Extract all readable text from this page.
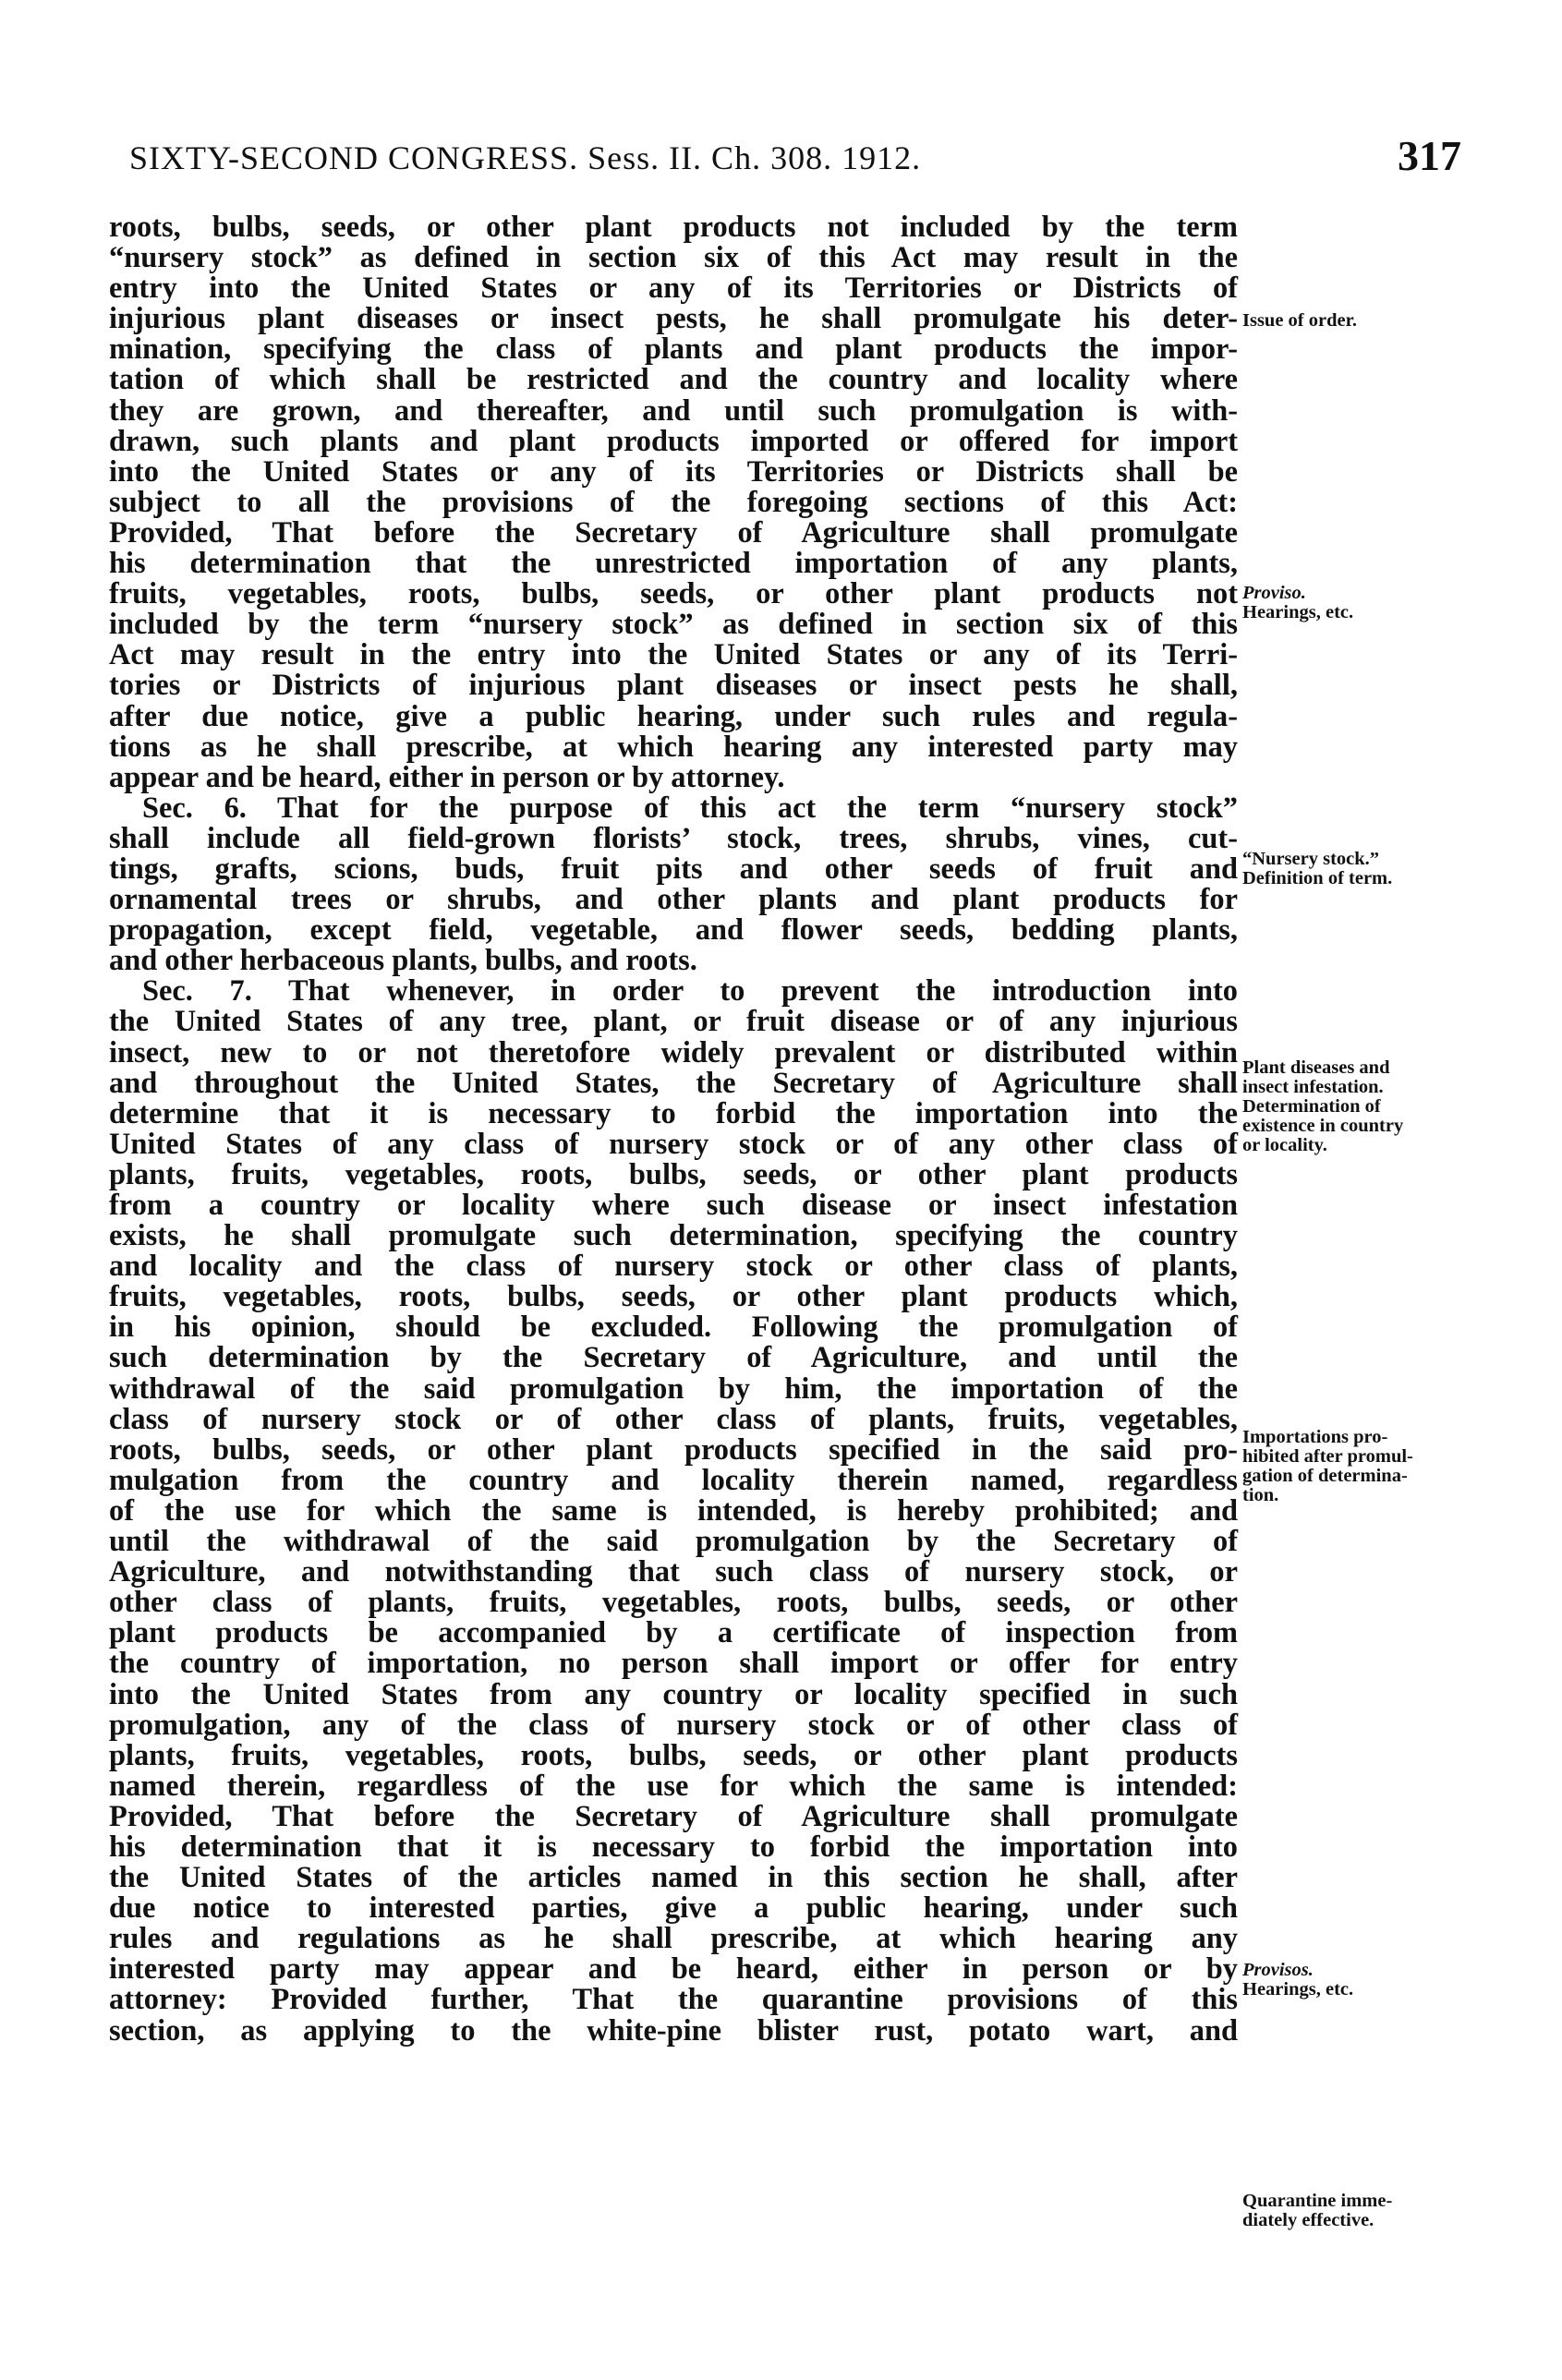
SIXTY-SECOND CONGRESS. Sess. II. Ch. 308. 1912.	317
roots, bulbs, seeds, or other plant products not included by the term
“nursery stock” as defined in section six of this Act may result in the
entry into the United States or any of its Territories or Districts of
injurious plant diseases or insect pests, he shall promulgate his deter-
mination, specifying the class of plants and plant products the impor-
tation of which shall be restricted and the country and locality where
they are grown, and thereafter, and until such promulgation is with-
drawn, such plants and plant products imported or offered for import
into the United States or any of its Territories or Districts shall be
subject to all the provisions of the foregoing sections of this Act:
Provided, That before the Secretary of Agriculture shall promulgate
his determination that the unrestricted importation of any plants,
fruits, vegetables, roots, bulbs, seeds, or other plant products not
included by the term “nursery stock” as defined in section six of this
Act may result in the entry into the United States or any of its Terri-
tories or Districts of injurious plant diseases or insect pests he shall,
after due notice, give a public hearing, under such rules and regula-
tions as he shall prescribe, at which hearing any interested party may
appear and be heard, either in person or by attorney.
Sec. 6. That for the purpose of this act the term “nursery stock”
shall include all field-grown florists’ stock, trees, shrubs, vines, cut-
tings, grafts, scions, buds, fruit pits and other seeds of fruit and
ornamental trees or shrubs, and other plants and plant products for
propagation, except field, vegetable, and flower seeds, bedding plants,
and other herbaceous plants, bulbs, and roots.
Sec. 7. That whenever, in order to prevent the introduction into
the United States of any tree, plant, or fruit disease or of any injurious
insect, new to or not theretofore widely prevalent or distributed within
and throughout the United States, the Secretary of Agriculture shall
determine that it is necessary to forbid the importation into the
United States of any class of nursery stock or of any other class of
plants, fruits, vegetables, roots, bulbs, seeds, or other plant products
from a country or locality where such disease or insect infestation
exists, he shall promulgate such determination, specifying the country
and locality and the class of nursery stock or other class of plants,
fruits, vegetables, roots, bulbs, seeds, or other plant products which,
in his opinion, should be excluded. Following the promulgation of
such determination by the Secretary of Agriculture, and until the
withdrawal of the said promulgation by him, the importation of the
class of nursery stock or of other class of plants, fruits, vegetables,
roots, bulbs, seeds, or other plant products specified in the said pro-
mulgation from the country and locality therein named, regardless
of the use for which the same is intended, is hereby prohibited; and
until the withdrawal of the said promulgation by the Secretary of
Agriculture, and notwithstanding that such class of nursery stock, or
other class of plants, fruits, vegetables, roots, bulbs, seeds, or other
plant products be accompanied by a certificate of inspection from
the country of importation, no person shall import or offer for entry
into the United States from any country or locality specified in such
promulgation, any of the class of nursery stock or of other class of
plants, fruits, vegetables, roots, bulbs, seeds, or other plant products
named therein, regardless of the use for which the same is intended:
Provided, That before the Secretary of Agriculture shall promulgate
his determination that it is necessary to forbid the importation into
the United States of the articles named in this section he shall, after
due notice to interested parties, give a public hearing, under such
rules and regulations as he shall prescribe, at which hearing any
interested party may appear and be heard, either in person or by
attorney: Provided further, That the quarantine provisions of this
section, as applying to the white-pine blister rust, potato wart, and
Issue of order.
Proviso.
Hearings, etc.
“Nursery stock.”
Definition of term.
Plant diseases and
insect infestation.
Determination of
existence in country
or locality.
Importations pro-
hibited after promul-
gation of determina-
tion.
Provisos.
Hearings, etc.
Quarantine imme-
diately effective.
